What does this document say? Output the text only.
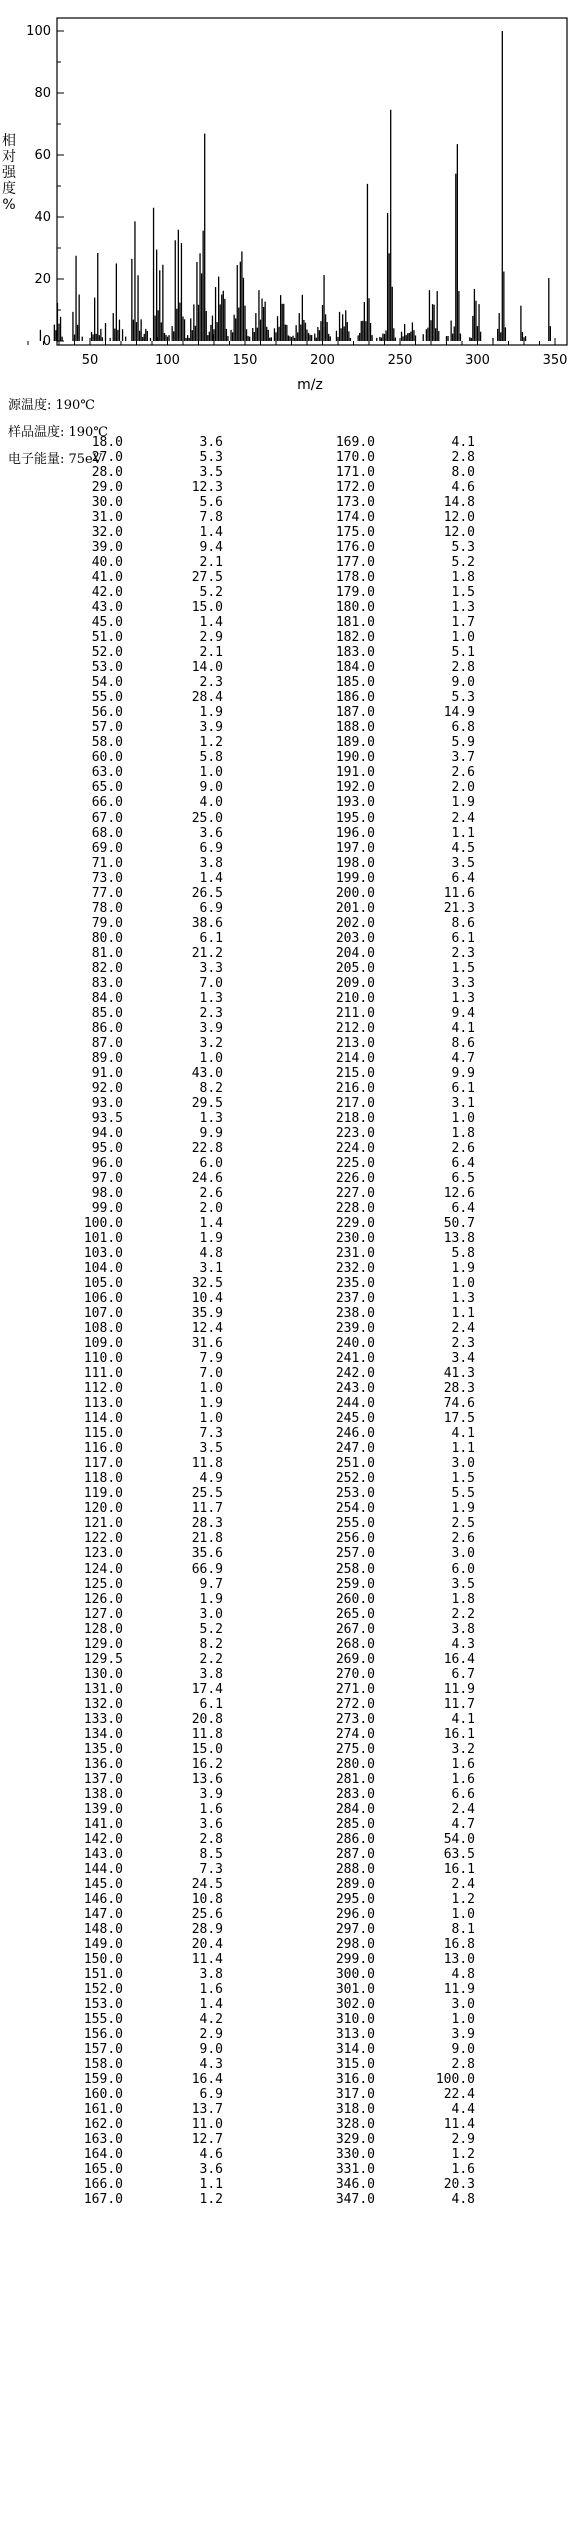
50	100	150	200	250	300	350
0
20
40
60
80
100
相对强度%
m/z
源温度: 190℃
样品温度: 190℃
电子能量: 75eV
18.0	3.6
27.0	5.3
28.0	3.5
29.0	12.3
30.0	5.6
31.0	7.8
32.0	1.4
39.0	9.4
40.0	2.1
41.0	27.5
42.0	5.2
43.0	15.0
45.0	1.4
51.0	2.9
52.0	2.1
53.0	14.0
54.0	2.3
55.0	28.4
56.0	1.9
57.0	3.9
58.0	1.2
60.0	5.8
63.0	1.0
65.0	9.0
66.0	4.0
67.0	25.0
68.0	3.6
69.0	6.9
71.0	3.8
73.0	1.4
77.0	26.5
78.0	6.9
79.0	38.6
80.0	6.1
81.0	21.2
82.0	3.3
83.0	7.0
84.0	1.3
85.0	2.3
86.0	3.9
87.0	3.2
89.0	1.0
91.0	43.0
92.0	8.2
93.0	29.5
93.5	1.3
94.0	9.9
95.0	22.8
96.0	6.0
97.0	24.6
98.0	2.6
99.0	2.0
100.0	1.4
101.0	1.9
103.0	4.8
104.0	3.1
105.0	32.5
106.0	10.4
107.0	35.9
108.0	12.4
109.0	31.6
110.0	7.9
111.0	7.0
112.0	1.0
113.0	1.9
114.0	1.0
115.0	7.3
116.0	3.5
117.0	11.8
118.0	4.9
119.0	25.5
120.0	11.7
121.0	28.3
122.0	21.8
123.0	35.6
124.0	66.9
125.0	9.7
126.0	1.9
127.0	3.0
128.0	5.2
129.0	8.2
129.5	2.2
130.0	3.8
131.0	17.4
132.0	6.1
133.0	20.8
134.0	11.8
135.0	15.0
136.0	16.2
137.0	13.6
138.0	3.9
139.0	1.6
141.0	3.6
142.0	2.8
143.0	8.5
144.0	7.3
145.0	24.5
146.0	10.8
147.0	25.6
148.0	28.9
149.0	20.4
150.0	11.4
151.0	3.8
152.0	1.6
153.0	1.4
155.0	4.2
156.0	2.9
157.0	9.0
158.0	4.3
159.0	16.4
160.0	6.9
161.0	13.7
162.0	11.0
163.0	12.7
164.0	4.6
165.0	3.6
166.0	1.1
167.0	1.2
169.0	4.1
170.0	2.8
171.0	8.0
172.0	4.6
173.0	14.8
174.0	12.0
175.0	12.0
176.0	5.3
177.0	5.2
178.0	1.8
179.0	1.5
180.0	1.3
181.0	1.7
182.0	1.0
183.0	5.1
184.0	2.8
185.0	9.0
186.0	5.3
187.0	14.9
188.0	6.8
189.0	5.9
190.0	3.7
191.0	2.6
192.0	2.0
193.0	1.9
195.0	2.4
196.0	1.1
197.0	4.5
198.0	3.5
199.0	6.4
200.0	11.6
201.0	21.3
202.0	8.6
203.0	6.1
204.0	2.3
205.0	1.5
209.0	3.3
210.0	1.3
211.0	9.4
212.0	4.1
213.0	8.6
214.0	4.7
215.0	9.9
216.0	6.1
217.0	3.1
218.0	1.0
223.0	1.8
224.0	2.6
225.0	6.4
226.0	6.5
227.0	12.6
228.0	6.4
229.0	50.7
230.0	13.8
231.0	5.8
232.0	1.9
235.0	1.0
237.0	1.3
238.0	1.1
239.0	2.4
240.0	2.3
241.0	3.4
242.0	41.3
243.0	28.3
244.0	74.6
245.0	17.5
246.0	4.1
247.0	1.1
251.0	3.0
252.0	1.5
253.0	5.5
254.0	1.9
255.0	2.5
256.0	2.6
257.0	3.0
258.0	6.0
259.0	3.5
260.0	1.8
265.0	2.2
267.0	3.8
268.0	4.3
269.0	16.4
270.0	6.7
271.0	11.9
272.0	11.7
273.0	4.1
274.0	16.1
275.0	3.2
280.0	1.6
281.0	1.6
283.0	6.6
284.0	2.4
285.0	4.7
286.0	54.0
287.0	63.5
288.0	16.1
289.0	2.4
295.0	1.2
296.0	1.0
297.0	8.1
298.0	16.8
299.0	13.0
300.0	4.8
301.0	11.9
302.0	3.0
310.0	1.0
313.0	3.9
314.0	9.0
315.0	2.8
316.0	100.0
317.0	22.4
318.0	4.4
328.0	11.4
329.0	2.9
330.0	1.2
331.0	1.6
346.0	20.3
347.0	4.8
